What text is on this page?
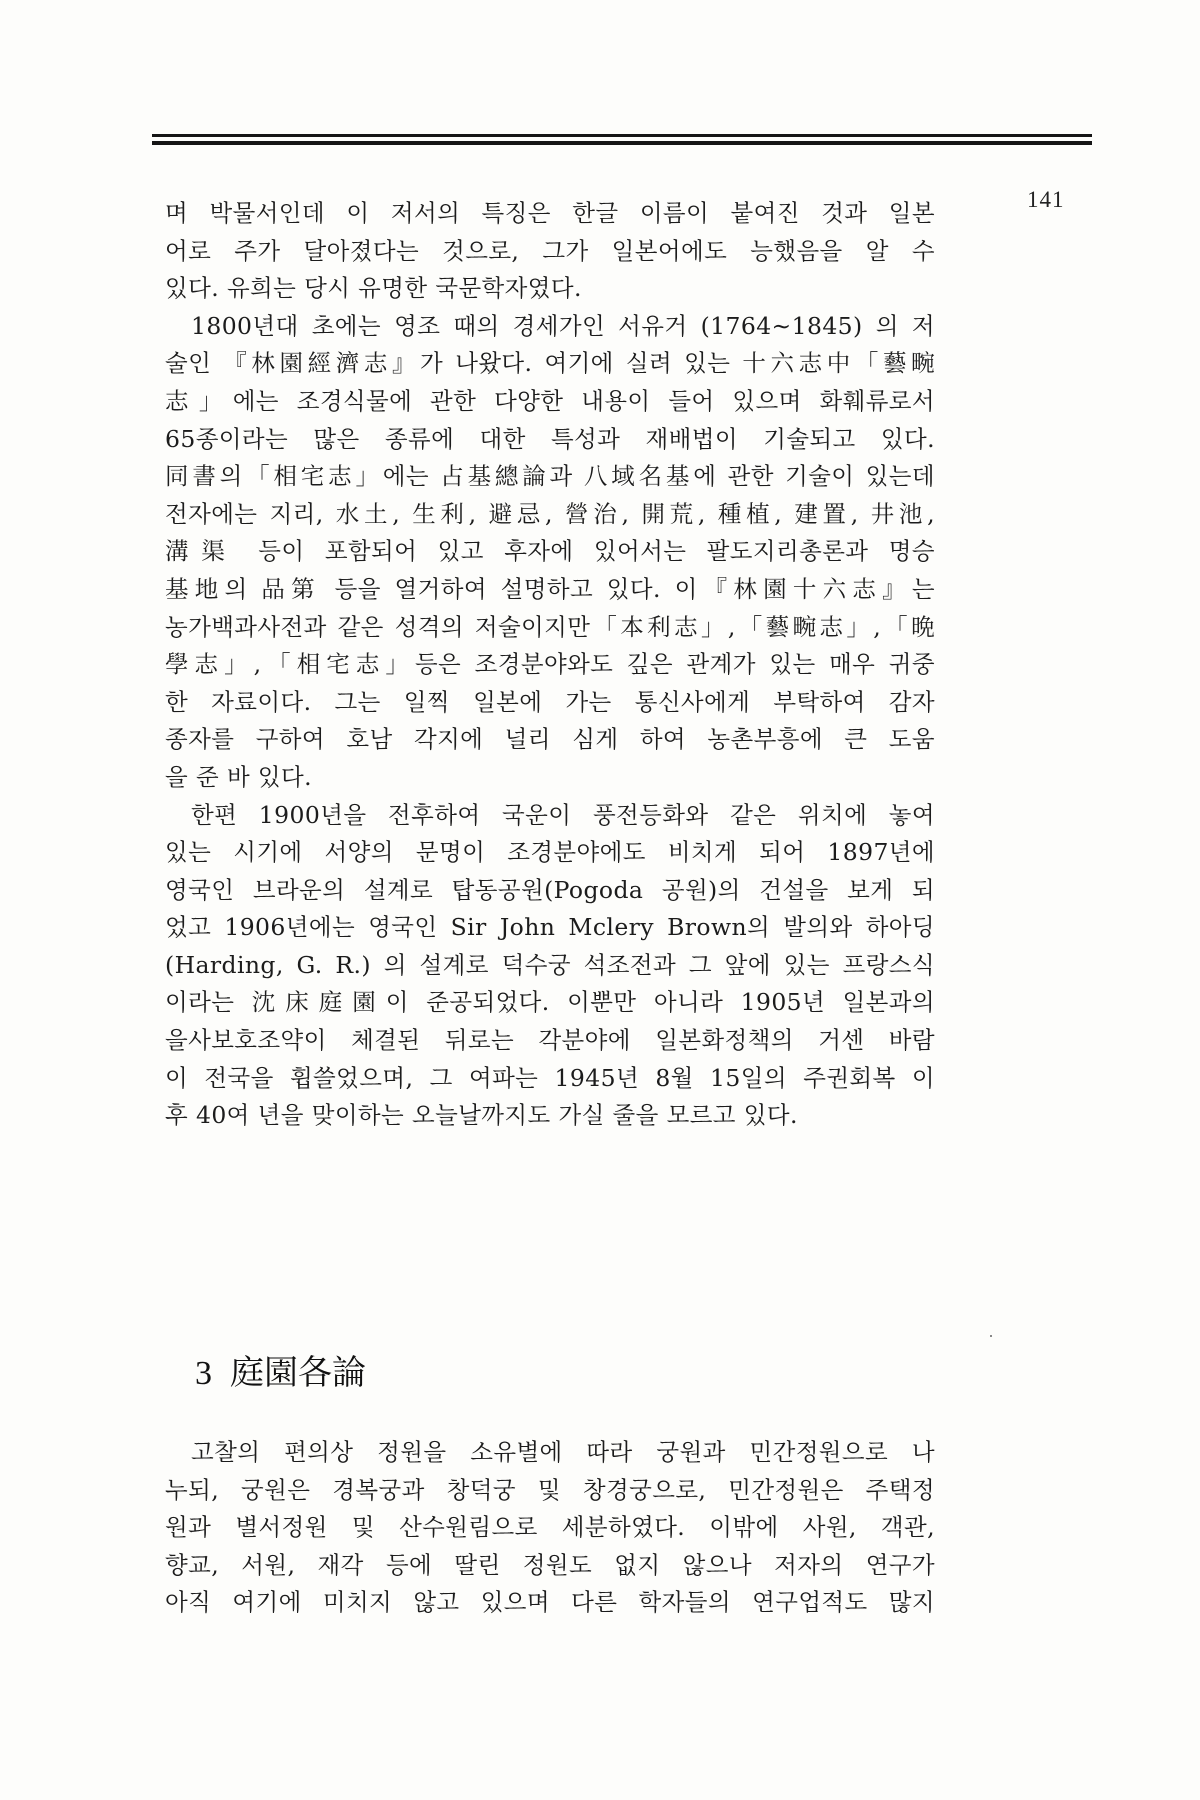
141
며 박물서인데 이 저서의 특징은 한글 이름이 붙여진 것과 일본
어로 주가 달아졌다는 것으로, 그가 일본어에도 능했음을 알 수
있다. 유희는 당시 유명한 국문학자였다.
1800년대 초에는 영조 때의 경세가인 서유거 (1764∼1845) 의 저
술인 『林園經濟志』가 나왔다. 여기에 실려 있는 十六志中「藝畹
志」에는 조경식물에 관한 다양한 내용이 들어 있으며 화훼류로서
65종이라는 많은 종류에 대한 특성과 재배법이 기술되고 있다.
同書의「相宅志」에는 占基總論과 八域名基에 관한 기술이 있는데
전자에는 지리, 水土, 生利, 避忌, 營治, 開荒, 種植, 建置, 井池,
溝渠 등이 포함되어 있고 후자에 있어서는 팔도지리총론과 명승
基地의 品第 등을 열거하여 설명하고 있다. 이『林園十六志』는
농가백과사전과 같은 성격의 저술이지만「本利志」,「藝畹志」,「晩
學志」,「相宅志」등은 조경분야와도 깊은 관계가 있는 매우 귀중
한 자료이다. 그는 일찍 일본에 가는 통신사에게 부탁하여 감자
종자를 구하여 호남 각지에 널리 심게 하여 농촌부흥에 큰 도움
을 준 바 있다.
한편 1900년을 전후하여 국운이 풍전등화와 같은 위치에 놓여
있는 시기에 서양의 문명이 조경분야에도 비치게 되어 1897년에
영국인 브라운의 설계로 탑동공원(Pogoda 공원)의 건설을 보게 되
었고 1906년에는 영국인 Sir John Mclery Brown의 발의와 하아딩
(Harding, G. R.) 의 설계로 덕수궁 석조전과 그 앞에 있는 프랑스식
이라는 沈床庭園이 준공되었다. 이뿐만 아니라 1905년 일본과의
을사보호조약이 체결된 뒤로는 각분야에 일본화정책의 거센 바람
이 전국을 휩쓸었으며, 그 여파는 1945년 8월 15일의 주권회복 이
후 40여 년을 맞이하는 오늘날까지도 가실 줄을 모르고 있다.
3 庭園各論
고찰의 편의상 정원을 소유별에 따라 궁원과 민간정원으로 나
누되, 궁원은 경복궁과 창덕궁 및 창경궁으로, 민간정원은 주택정
원과 별서정원 및 산수원림으로 세분하였다. 이밖에 사원, 객관,
향교, 서원, 재각 등에 딸린 정원도 없지 않으나 저자의 연구가
아직 여기에 미치지 않고 있으며 다른 학자들의 연구업적도 많지
